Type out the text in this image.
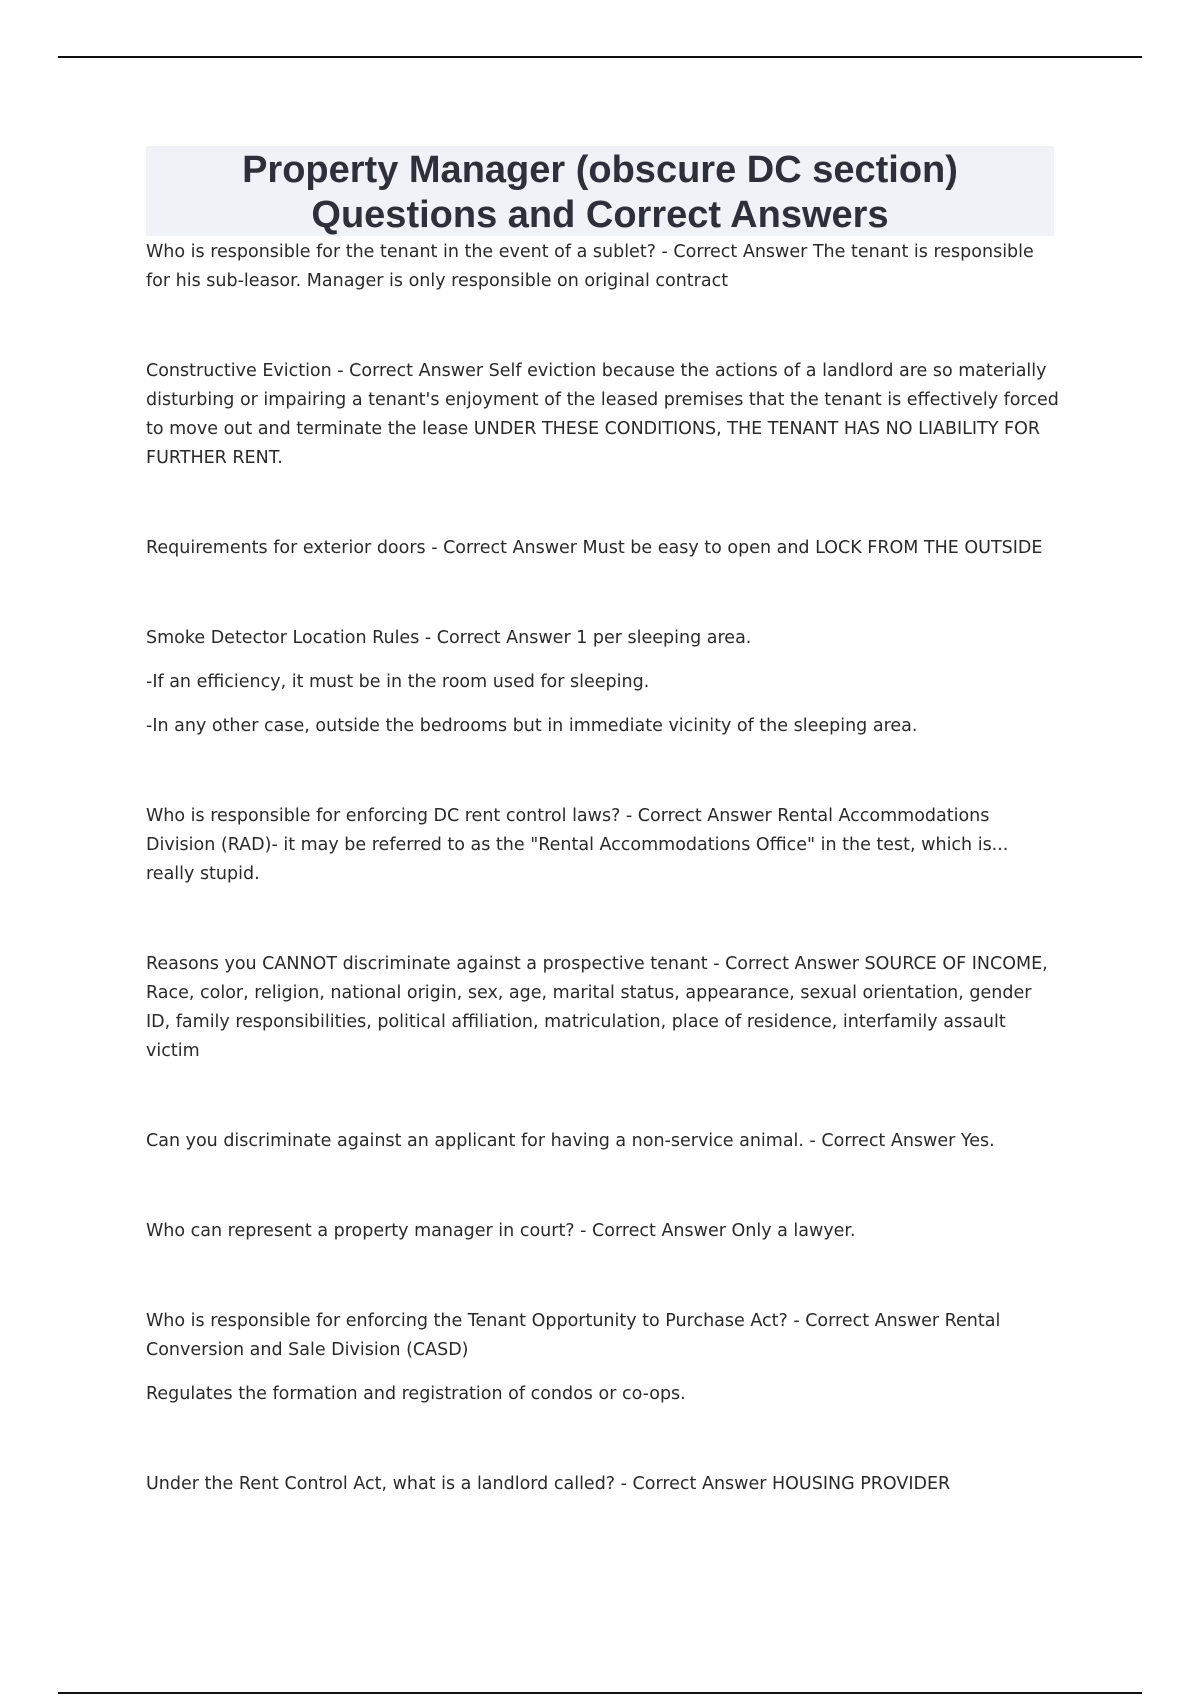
Property Manager (obscure DC section)
Questions and Correct Answers

Who is responsible for the tenant in the event of a sublet? - Correct Answer The tenant is responsible for his sub-leasor. Manager is only responsible on original contract

Constructive Eviction - Correct Answer Self eviction because the actions of a landlord are so materially disturbing or impairing a tenant's enjoyment of the leased premises that the tenant is effectively forced to move out and terminate the lease UNDER THESE CONDITIONS, THE TENANT HAS NO LIABILITY FOR FURTHER RENT.

Requirements for exterior doors - Correct Answer Must be easy to open and LOCK FROM THE OUTSIDE

Smoke Detector Location Rules - Correct Answer 1 per sleeping area.

-If an efficiency, it must be in the room used for sleeping.

-In any other case, outside the bedrooms but in immediate vicinity of the sleeping area.

Who is responsible for enforcing DC rent control laws? - Correct Answer Rental Accommodations Division (RAD)- it may be referred to as the "Rental Accommodations Office" in the test, which is... really stupid.

Reasons you CANNOT discriminate against a prospective tenant - Correct Answer SOURCE OF INCOME, Race, color, religion, national origin, sex, age, marital status, appearance, sexual orientation, gender ID, family responsibilities, political affiliation, matriculation, place of residence, interfamily assault victim

Can you discriminate against an applicant for having a non-service animal. - Correct Answer Yes.

Who can represent a property manager in court? - Correct Answer Only a lawyer.

Who is responsible for enforcing the Tenant Opportunity to Purchase Act? - Correct Answer Rental Conversion and Sale Division (CASD)

Regulates the formation and registration of condos or co-ops.

Under the Rent Control Act, what is a landlord called? - Correct Answer HOUSING PROVIDER
